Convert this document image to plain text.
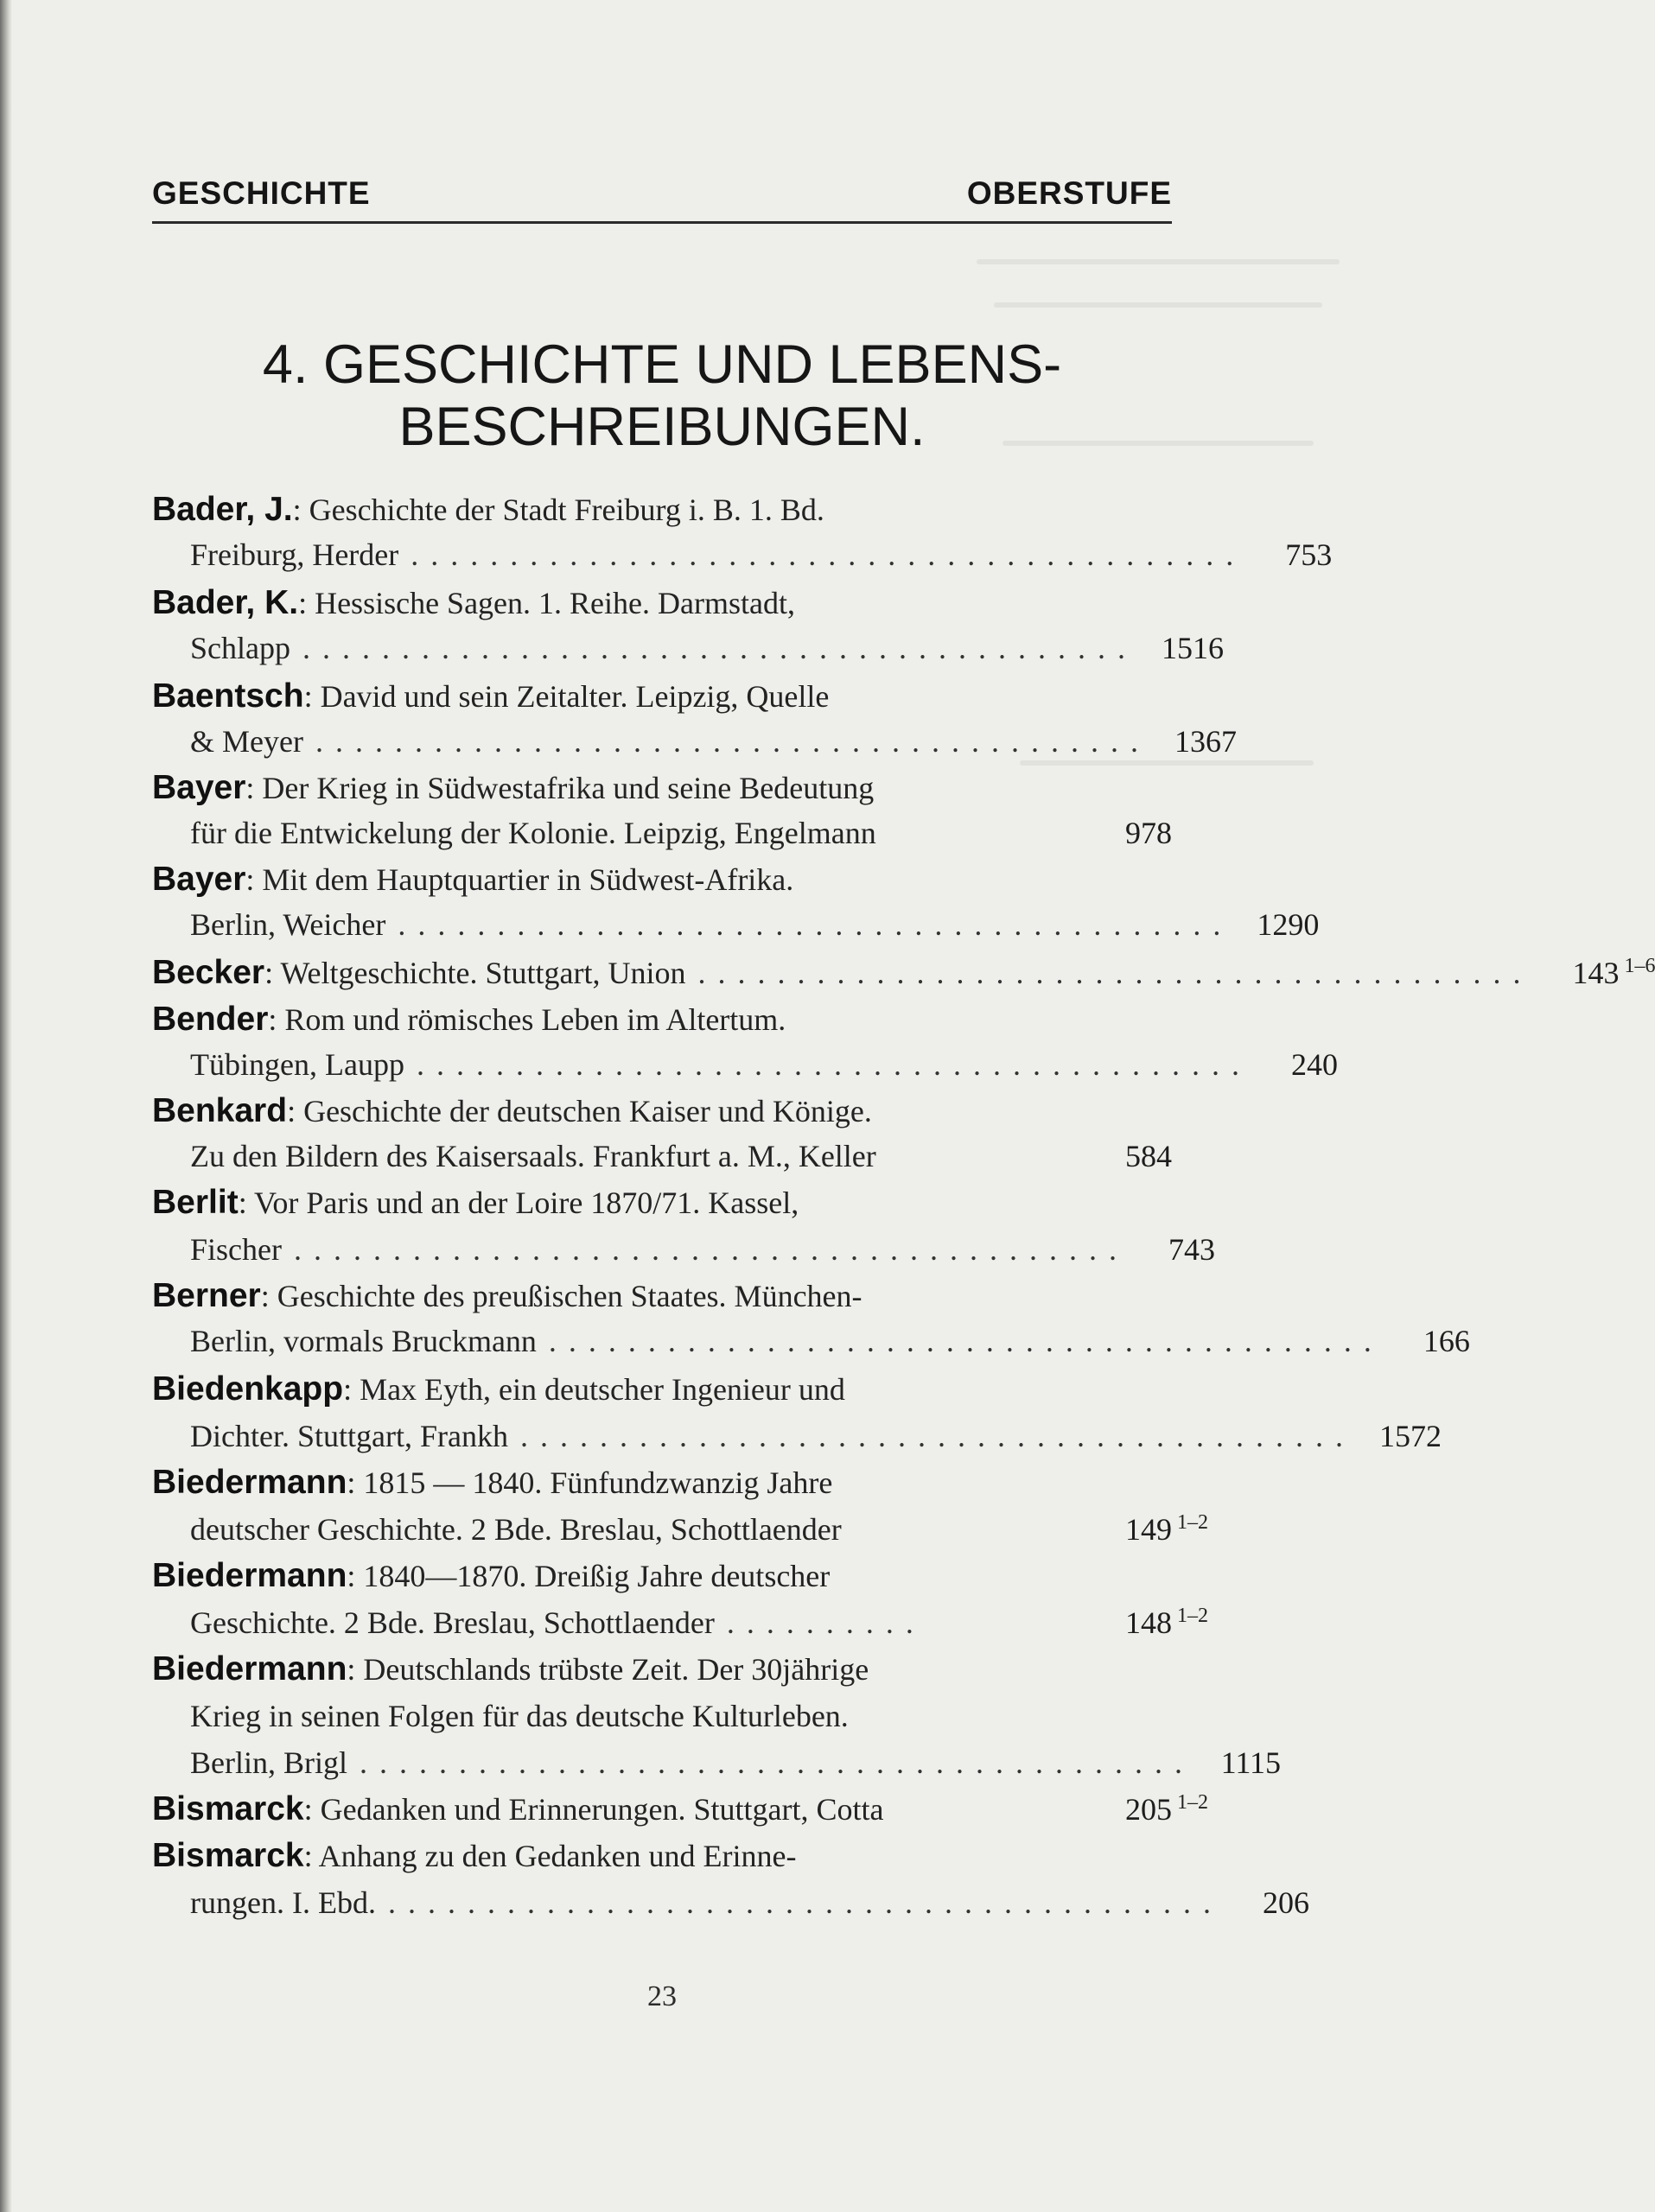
GESCHICHTE	OBERSTUFE
4. GESCHICHTE UND LEBENS-
BESCHREIBUNGEN.
Bader, J.: Geschichte der Stadt Freiburg i. B. 1. Bd.
Freiburg, Herder ..........................................	753
Bader, K.: Hessische Sagen. 1. Reihe. Darmstadt,
Schlapp .......................................... 1516
Baentsch: David und sein Zeitalter. Leipzig, Quelle
& Meyer .......................................... 1367
Bayer: Der Krieg in Südwestafrika und seine Bedeutung
für die Entwickelung der Kolonie. Leipzig, Engelmann	978
Bayer: Mit dem Hauptquartier in Südwest-Afrika.
Berlin, Weicher .......................................... 1290
Becker: Weltgeschichte. Stuttgart, Union ..........................................	143 1–6
Bender: Rom und römisches Leben im Altertum.
Tübingen, Laupp ..........................................	240
Benkard: Geschichte der deutschen Kaiser und Könige.
Zu den Bildern des Kaisersaals. Frankfurt a. M., Keller	584
Berlit: Vor Paris und an der Loire 1870/71. Kassel,
Fischer ..........................................	743
Berner: Geschichte des preußischen Staates. München-
Berlin, vormals Bruckmann ..........................................	166
Biedenkapp: Max Eyth, ein deutscher Ingenieur und
Dichter. Stuttgart, Frankh .......................................... 1572
Biedermann: 1815 — 1840. Fünfundzwanzig Jahre
deutscher Geschichte. 2 Bde. Breslau, Schottlaender	149 1–2
Biedermann: 1840—1870. Dreißig Jahre deutscher
Geschichte. 2 Bde. Breslau, Schottlaender ..........	148 1–2
Biedermann: Deutschlands trübste Zeit. Der 30jährige
Krieg in seinen Folgen für das deutsche Kulturleben.
Berlin, Brigl .......................................... 1115
Bismarck: Gedanken und Erinnerungen. Stuttgart, Cotta	205 1–2
Bismarck: Anhang zu den Gedanken und Erinne-
rungen. I. Ebd. ..........................................	206
23
